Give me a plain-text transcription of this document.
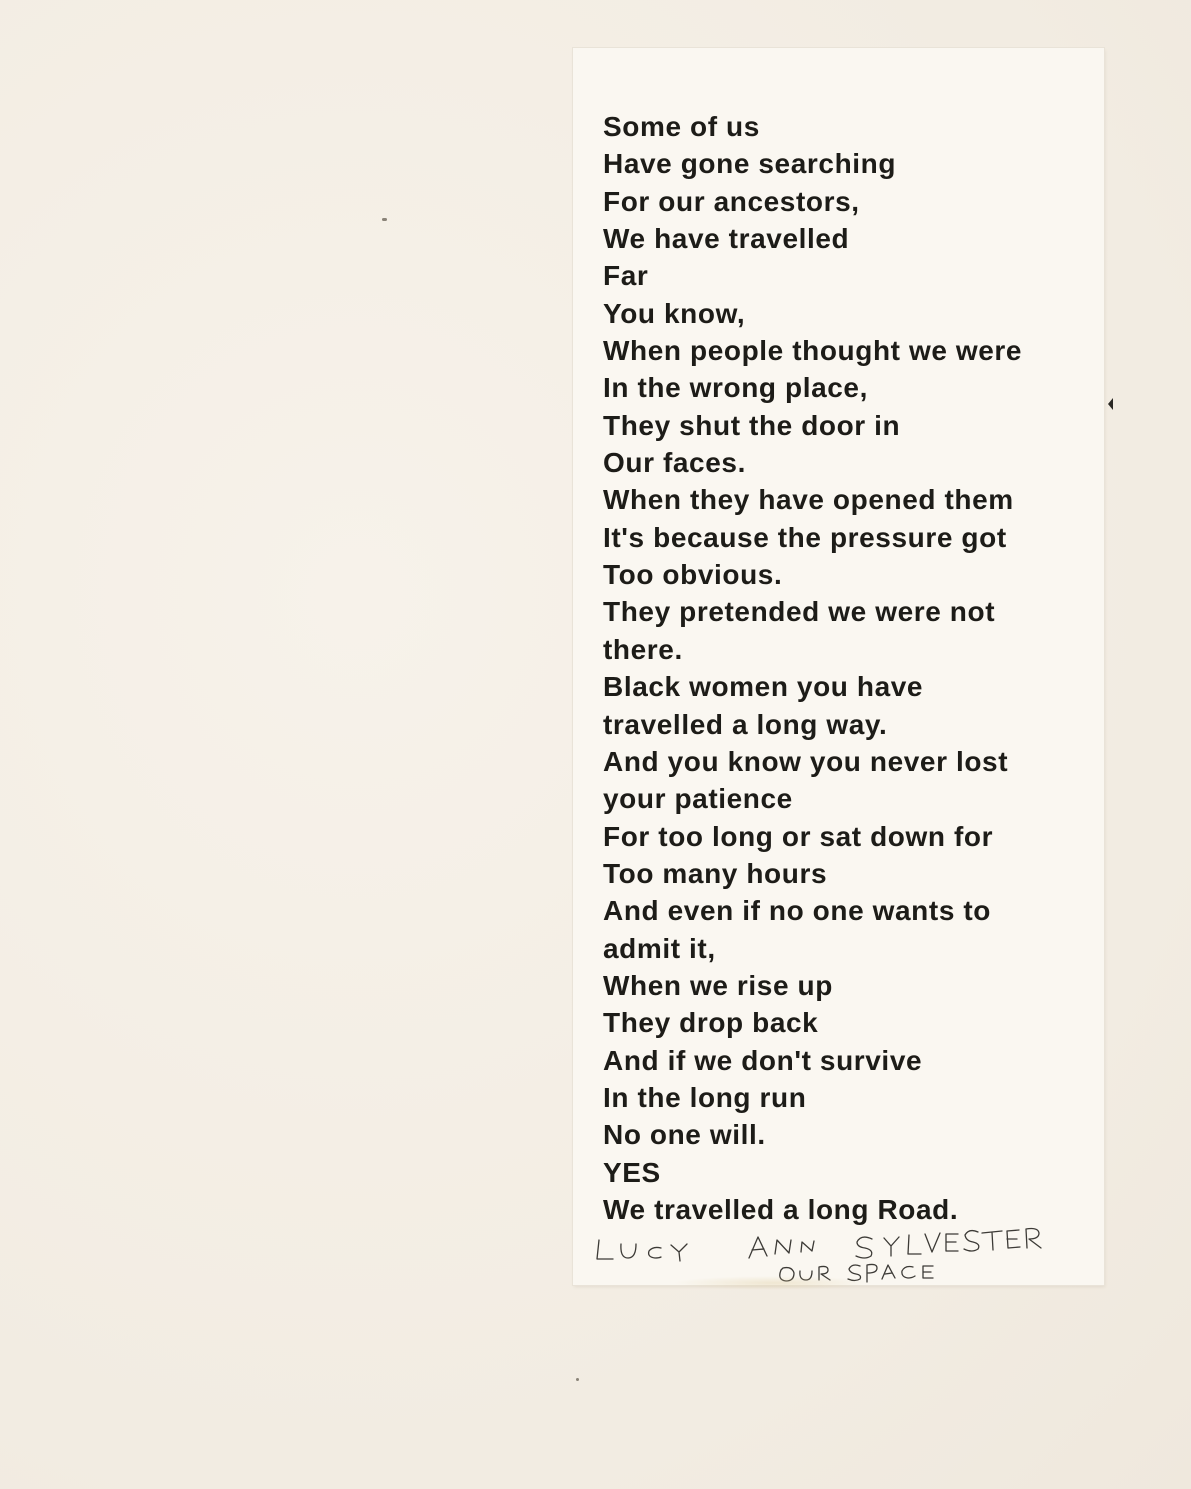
Some of us
Have gone searching
For our ancestors,
We have travelled
Far
You know,
When people thought we were
In the wrong place,
They shut the door in
Our faces.
When they have opened them
It's because the pressure got
Too obvious.
They pretended we were not
there.
Black women you have
travelled a long way.
And you know you never lost
your patience
For too long or sat down for
Too many hours
And even if no one wants to
admit it,
When we rise up
They drop back
And if we don't survive
In the long run
No one will.
YES
We travelled a long Road.
